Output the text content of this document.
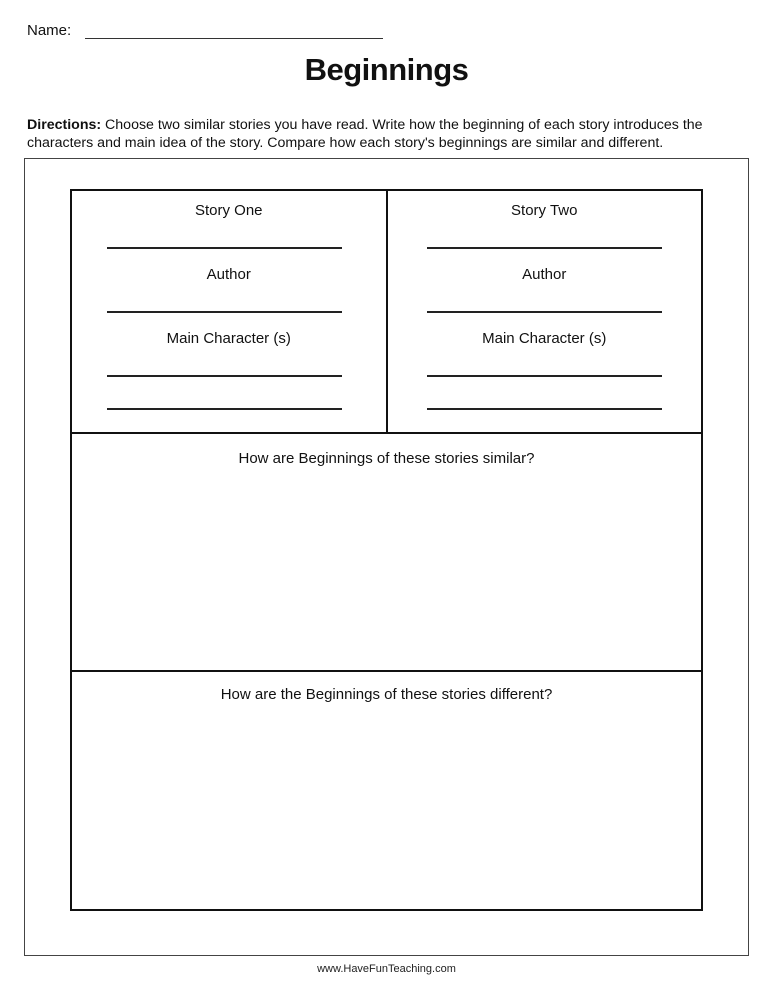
Name:
Beginnings
Directions: Choose two similar stories you have read. Write how the beginning of each story introduces the characters and main idea of the story. Compare how each story's beginnings are similar and different.
Story One
Author
Main Character (s)
Story Two
Author
Main Character (s)
How are Beginnings of these stories similar?
How are the Beginnings of these stories different?
www.HaveFunTeaching.com
